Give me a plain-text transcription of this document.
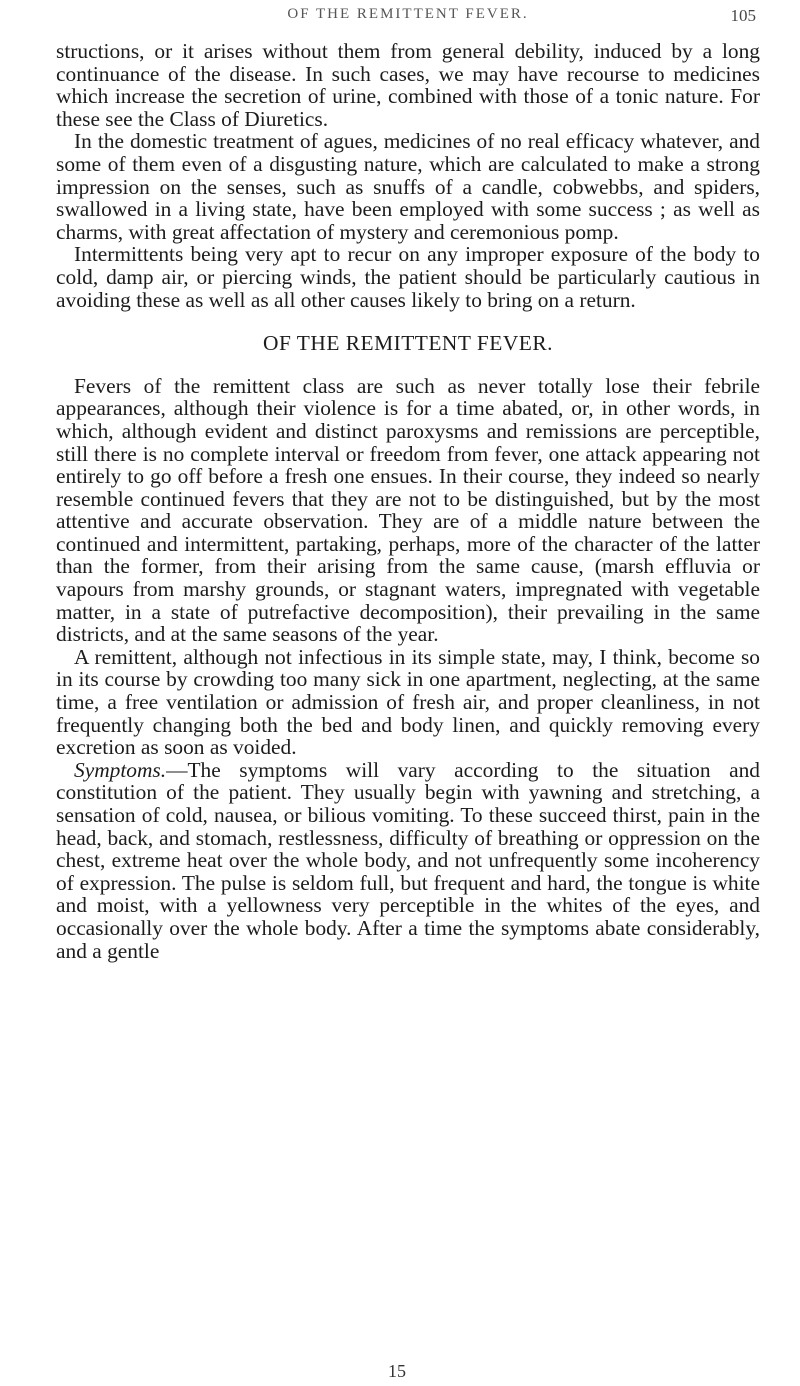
OF THE REMITTENT FEVER.	105

structions, or it arises without them from general debility, induced by a long continuance of the disease. In such cases, we may have recourse to medicines which increase the secretion of urine, combined with those of a tonic nature. For these see the Class of Diuretics.

In the domestic treatment of agues, medicines of no real efficacy whatever, and some of them even of a disgusting nature, which are calculated to make a strong impression on the senses, such as snuffs of a candle, cobwebbs, and spiders, swallowed in a living state, have been employed with some success ; as well as charms, with great affectation of mystery and ceremonious pomp.

Intermittents being very apt to recur on any improper exposure of the body to cold, damp air, or piercing winds, the patient should be particularly cautious in avoiding these as well as all other causes likely to bring on a return.

OF THE REMITTENT FEVER.

Fevers of the remittent class are such as never totally lose their febrile appearances, although their violence is for a time abated, or, in other words, in which, although evident and distinct paroxysms and remissions are perceptible, still there is no complete interval or freedom from fever, one attack appearing not entirely to go off before a fresh one ensues. In their course, they indeed so nearly resemble continued fevers that they are not to be distinguished, but by the most attentive and accurate observation. They are of a middle nature between the continued and intermittent, partaking, perhaps, more of the character of the latter than the former, from their arising from the same cause, (marsh effluvia or vapours from marshy grounds, or stagnant waters, impregnated with vegetable matter, in a state of putrefactive decomposition), their prevailing in the same districts, and at the same seasons of the year.

A remittent, although not infectious in its simple state, may, I think, become so in its course by crowding too many sick in one apartment, neglecting, at the same time, a free ventilation or admission of fresh air, and proper cleanliness, in not frequently changing both the bed and body linen, and quickly removing every excretion as soon as voided.

Symptoms.—The symptoms will vary according to the situation and constitution of the patient. They usually begin with yawning and stretching, a sensation of cold, nausea, or bilious vomiting. To these succeed thirst, pain in the head, back, and stomach, restlessness, difficulty of breathing or oppression on the chest, extreme heat over the whole body, and not unfrequently some incoherency of expression. The pulse is seldom full, but frequent and hard, the tongue is white and moist, with a yellowness very perceptible in the whites of the eyes, and occasionally over the whole body. After a time the symptoms abate considerably, and a gentle

15
